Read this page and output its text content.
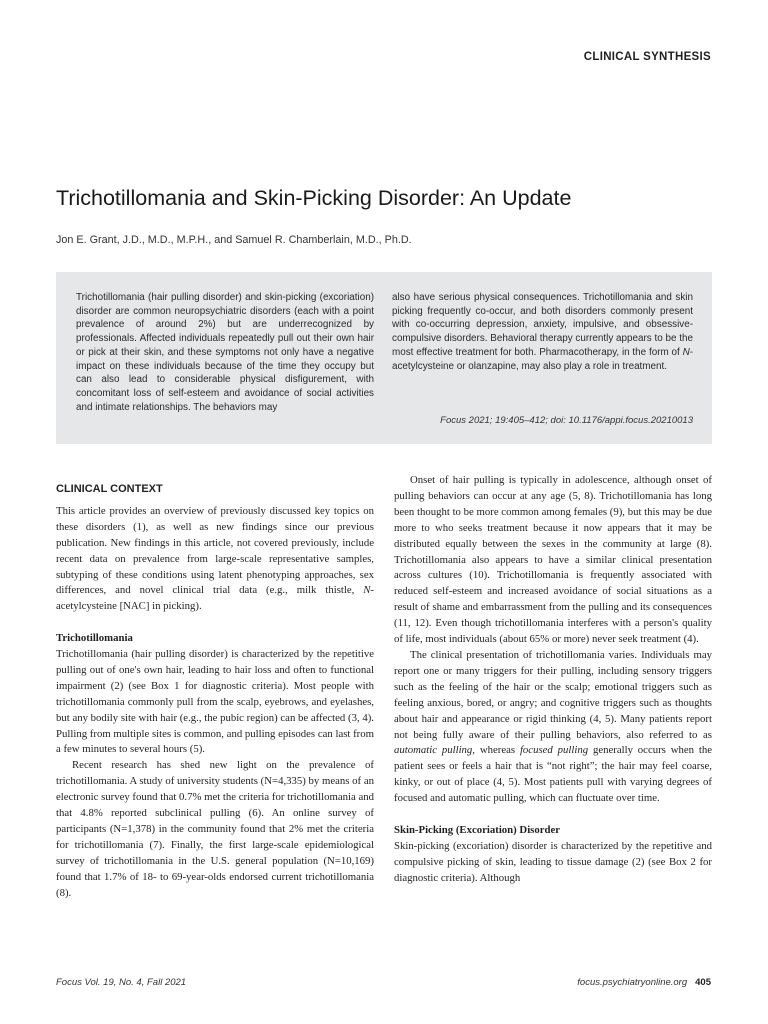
CLINICAL SYNTHESIS
Trichotillomania and Skin-Picking Disorder: An Update
Jon E. Grant, J.D., M.D., M.P.H., and Samuel R. Chamberlain, M.D., Ph.D.

Trichotillomania (hair pulling disorder) and skin-picking (excoriation) disorder are common neuropsychiatric disorders (each with a point prevalence of around 2%) but are underrecognized by professionals. Affected individuals repeatedly pull out their own hair or pick at their skin, and these symptoms not only have a negative impact on these individuals because of the time they occupy but can also lead to considerable physical disfigurement, with concomitant loss of self-esteem and avoidance of social activities and intimate relationships. The behaviors may

also have serious physical consequences. Trichotillomania and skin picking frequently co-occur, and both disorders commonly present with co-occurring depression, anxiety, impulsive, and obsessive-compulsive disorders. Behavioral therapy currently appears to be the most effective treatment for both. Pharmacotherapy, in the form of N-acetylcysteine or olanzapine, may also play a role in treatment.

Focus 2021; 19:405–412; doi: 10.1176/appi.focus.20210013

CLINICAL CONTEXT

This article provides an overview of previously discussed key topics on these disorders (1), as well as new findings since our previous publication. New findings in this article, not covered previously, include recent data on prevalence from large-scale representative samples, subtyping of these conditions using latent phenotyping approaches, sex differences, and novel clinical trial data (e.g., milk thistle, N-acetylcysteine [NAC] in picking).

Trichotillomania

Trichotillomania (hair pulling disorder) is characterized by the repetitive pulling out of one's own hair, leading to hair loss and often to functional impairment (2) (see Box 1 for diagnostic criteria). Most people with trichotillomania commonly pull from the scalp, eyebrows, and eyelashes, but any bodily site with hair (e.g., the pubic region) can be affected (3, 4). Pulling from multiple sites is common, and pulling episodes can last from a few minutes to several hours (5).

Recent research has shed new light on the prevalence of trichotillomania. A study of university students (N=4,335) by means of an electronic survey found that 0.7% met the criteria for trichotillomania and that 4.8% reported subclinical pulling (6). An online survey of participants (N=1,378) in the community found that 2% met the criteria for trichotillomania (7). Finally, the first large-scale epidemiological survey of trichotillomania in the U.S. general population (N=10,169) found that 1.7% of 18- to 69-year-olds endorsed current trichotillomania (8).

Onset of hair pulling is typically in adolescence, although onset of pulling behaviors can occur at any age (5, 8). Trichotillomania has long been thought to be more common among females (9), but this may be due more to who seeks treatment because it now appears that it may be distributed equally between the sexes in the community at large (8). Trichotillomania also appears to have a similar clinical presentation across cultures (10). Trichotillomania is frequently associated with reduced self-esteem and increased avoidance of social situations as a result of shame and embarrassment from the pulling and its consequences (11, 12). Even though trichotillomania interferes with a person's quality of life, most individuals (about 65% or more) never seek treatment (4).

The clinical presentation of trichotillomania varies. Individuals may report one or many triggers for their pulling, including sensory triggers such as the feeling of the hair or the scalp; emotional triggers such as feeling anxious, bored, or angry; and cognitive triggers such as thoughts about hair and appearance or rigid thinking (4, 5). Many patients report not being fully aware of their pulling behaviors, also referred to as automatic pulling, whereas focused pulling generally occurs when the patient sees or feels a hair that is “not right”; the hair may feel coarse, kinky, or out of place (4, 5). Most patients pull with varying degrees of focused and automatic pulling, which can fluctuate over time.

Skin-Picking (Excoriation) Disorder

Skin-picking (excoriation) disorder is characterized by the repetitive and compulsive picking of skin, leading to tissue damage (2) (see Box 2 for diagnostic criteria). Although

Focus Vol. 19, No. 4, Fall 2021	focus.psychiatryonline.org 405
